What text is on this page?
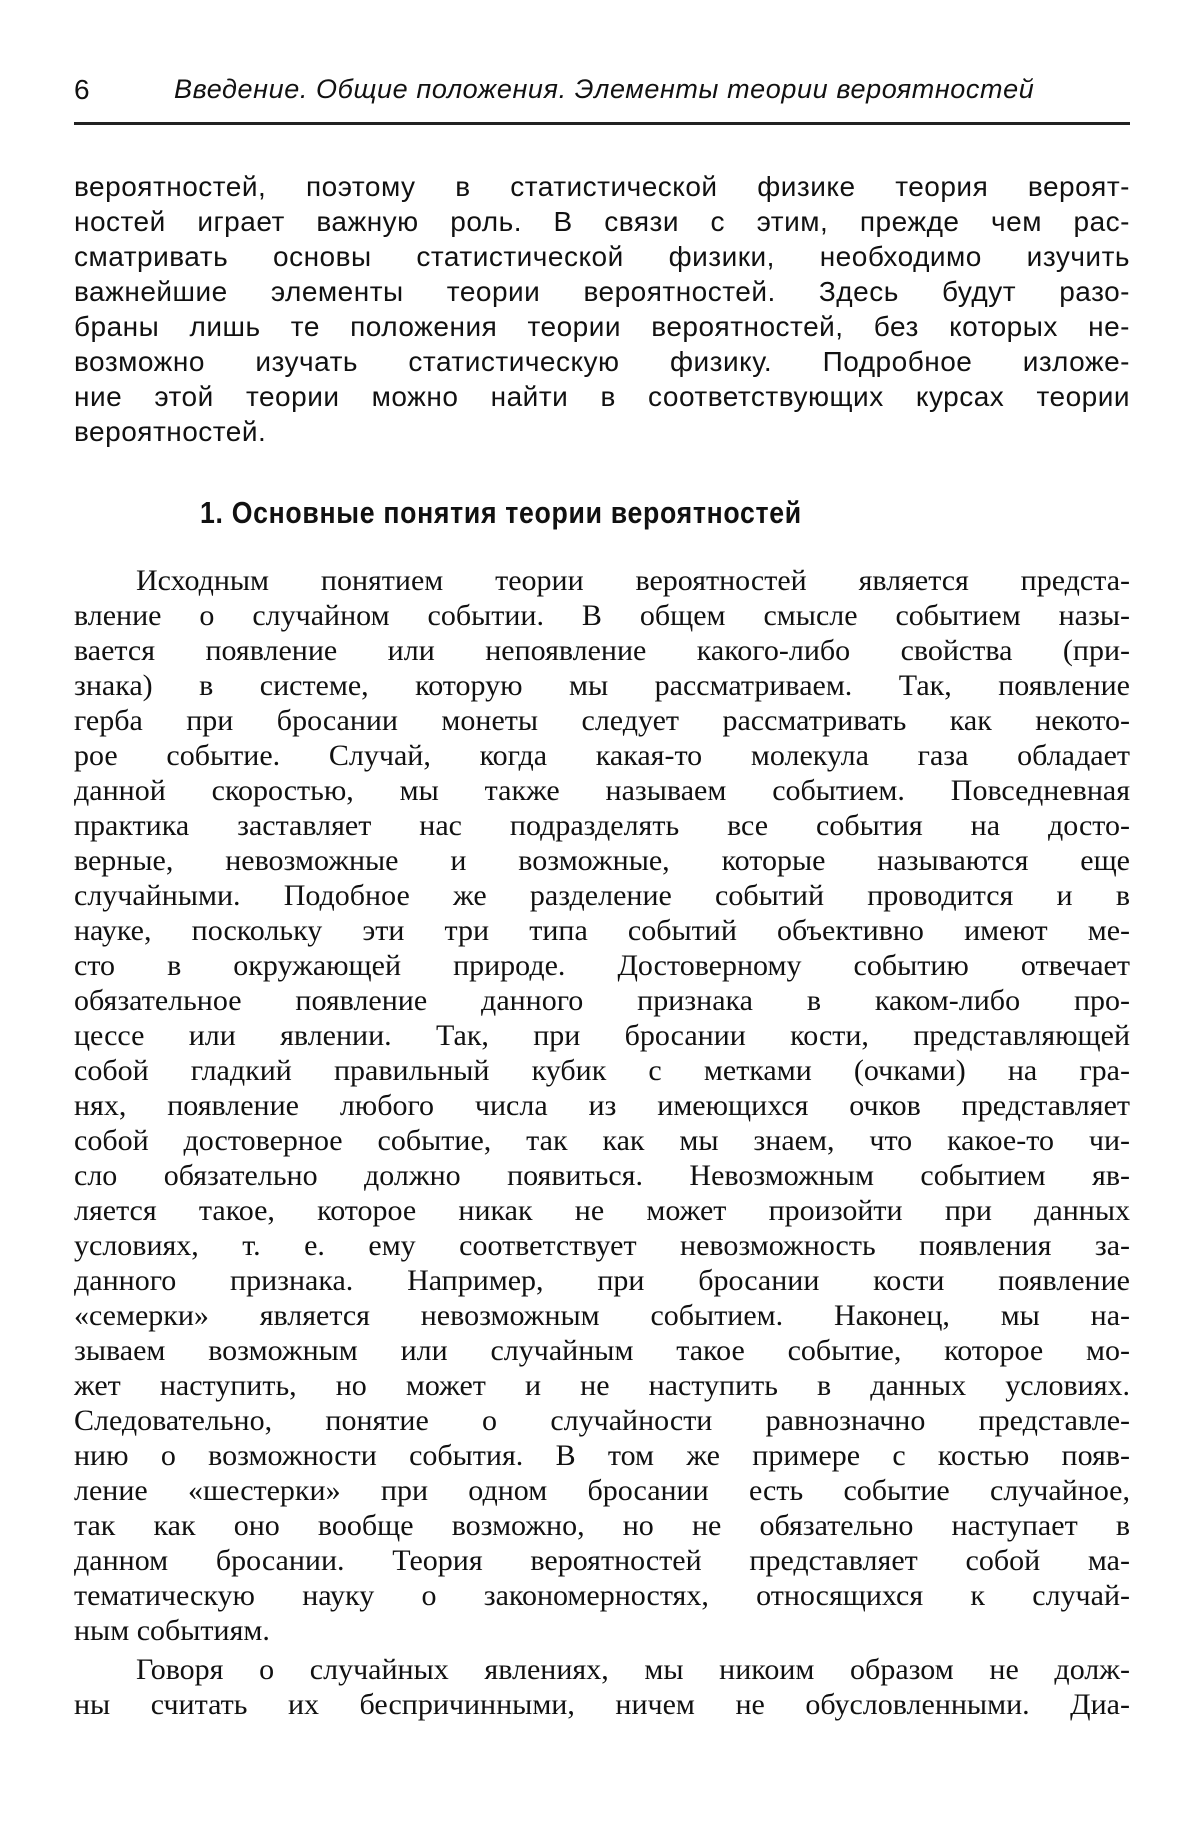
6	Введение. Общие положения. Элементы теории вероятностей
вероятностей, поэтому в статистической физике теория вероят-
ностей играет важную роль. В связи с этим, прежде чем рас-
сматривать основы статистической физики, необходимо изучить
важнейшие элементы теории вероятностей. Здесь будут разо-
браны лишь те положения теории вероятностей, без которых не-
возможно изучать статистическую физику. Подробное изложе-
ние этой теории можно найти в соответствующих курсах теории
вероятностей.
1. Основные понятия теории вероятностей
Исходным понятием теории вероятностей является предста-
вление о случайном событии. В общем смысле событием назы-
вается появление или непоявление какого-либо свойства (при-
знака) в системе, которую мы рассматриваем. Так, появление
герба при бросании монеты следует рассматривать как некото-
рое событие. Случай, когда какая-то молекула газа обладает
данной скоростью, мы также называем событием. Повседневная
практика заставляет нас подразделять все события на досто-
верные, невозможные и возможные, которые называются еще
случайными. Подобное же разделение событий проводится и в
науке, поскольку эти три типа событий объективно имеют ме-
сто в окружающей природе. Достоверному событию отвечает
обязательное появление данного признака в каком-либо про-
цессе или явлении. Так, при бросании кости, представляющей
собой гладкий правильный кубик с метками (очками) на гра-
нях, появление любого числа из имеющихся очков представляет
собой достоверное событие, так как мы знаем, что какое-то чи-
сло обязательно должно появиться. Невозможным событием яв-
ляется такое, которое никак не может произойти при данных
условиях, т. е. ему соответствует невозможность появления за-
данного признака. Например, при бросании кости появление
«семерки» является невозможным событием. Наконец, мы на-
зываем возможным или случайным такое событие, которое мо-
жет наступить, но может и не наступить в данных условиях.
Следовательно, понятие о случайности равнозначно представле-
нию о возможности события. В том же примере с костью появ-
ление «шестерки» при одном бросании есть событие случайное,
так как оно вообще возможно, но не обязательно наступает в
данном бросании. Теория вероятностей представляет собой ма-
тематическую науку о закономерностях, относящихся к случай-
ным событиям.
Говоря о случайных явлениях, мы никоим образом не долж-
ны считать их беспричинными, ничем не обусловленными. Диа-
